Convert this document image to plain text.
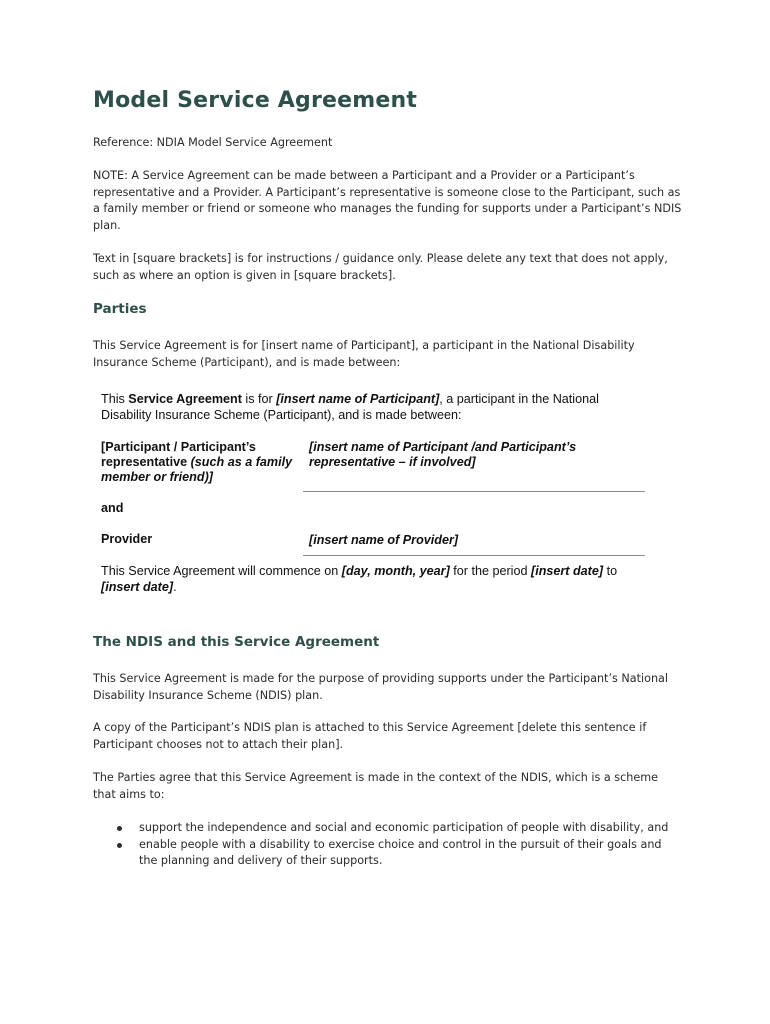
Model Service Agreement

Reference: NDIA Model Service Agreement

NOTE: A Service Agreement can be made between a Participant and a Provider or a Participant’s representative and a Provider. A Participant’s representative is someone close to the Participant, such as a family member or friend or someone who manages the funding for supports under a Participant’s NDIS plan.

Text in [square brackets] is for instructions / guidance only. Please delete any text that does not apply, such as where an option is given in [square brackets].

Parties

This Service Agreement is for [insert name of Participant], a participant in the National Disability Insurance Scheme (Participant), and is made between:

This Service Agreement is for [insert name of Participant], a participant in the National Disability Insurance Scheme (Participant), and is made between:

[Participant / Participant’s representative (such as a family member or friend)]

[insert name of Participant /and Participant’s representative – if involved]

and

Provider	[insert name of Provider]

This Service Agreement will commence on [day, month, year] for the period [insert date] to [insert date].

The NDIS and this Service Agreement

This Service Agreement is made for the purpose of providing supports under the Participant’s National Disability Insurance Scheme (NDIS) plan.

A copy of the Participant’s NDIS plan is attached to this Service Agreement [delete this sentence if Participant chooses not to attach their plan].

The Parties agree that this Service Agreement is made in the context of the NDIS, which is a scheme that aims to:

support the independence and social and economic participation of people with disability, and
enable people with a disability to exercise choice and control in the pursuit of their goals and the planning and delivery of their supports.
